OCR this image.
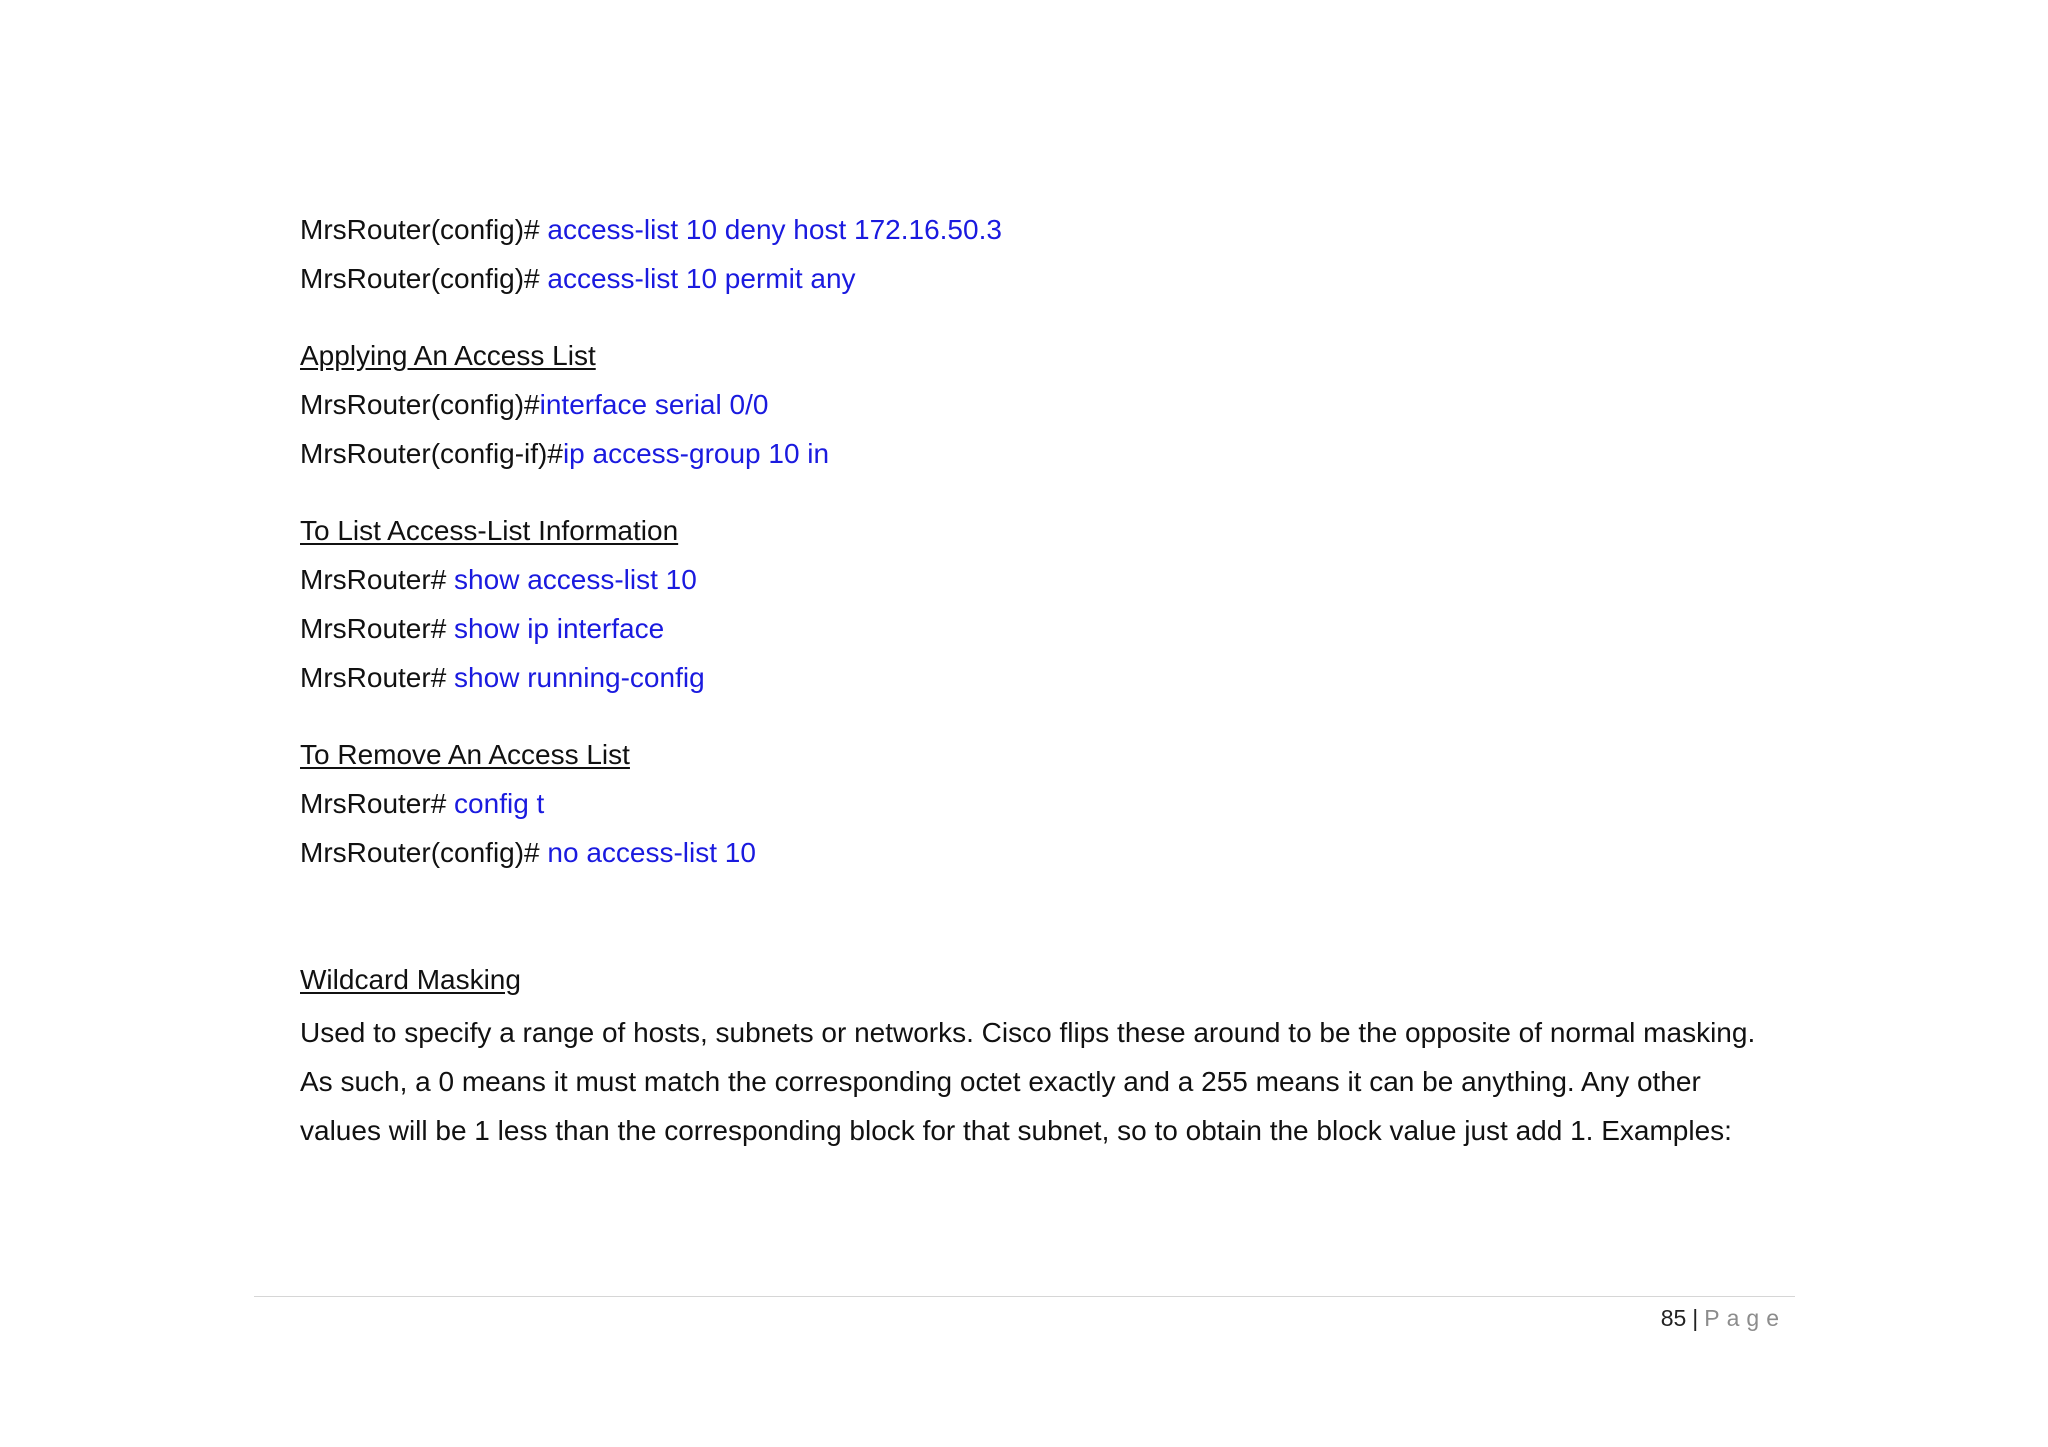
MrsRouter(config)# access-list 10 deny host 172.16.50.3
MrsRouter(config)# access-list 10 permit any
Applying An Access List
MrsRouter(config)#interface serial 0/0
MrsRouter(config-if)#ip access-group 10 in
To List Access-List Information
MrsRouter# show access-list 10
MrsRouter# show ip interface
MrsRouter# show running-config
To Remove An Access List
MrsRouter# config t
MrsRouter(config)# no access-list 10
Wildcard Masking

Used to specify a range of hosts, subnets or networks. Cisco flips these around to be the opposite of normal masking.

As such, a 0 means it must match the corresponding octet exactly and a 255 means it can be anything. Any other

values will be 1 less than the corresponding block for that subnet, so to obtain the block value just add 1. Examples:

85 | Page
